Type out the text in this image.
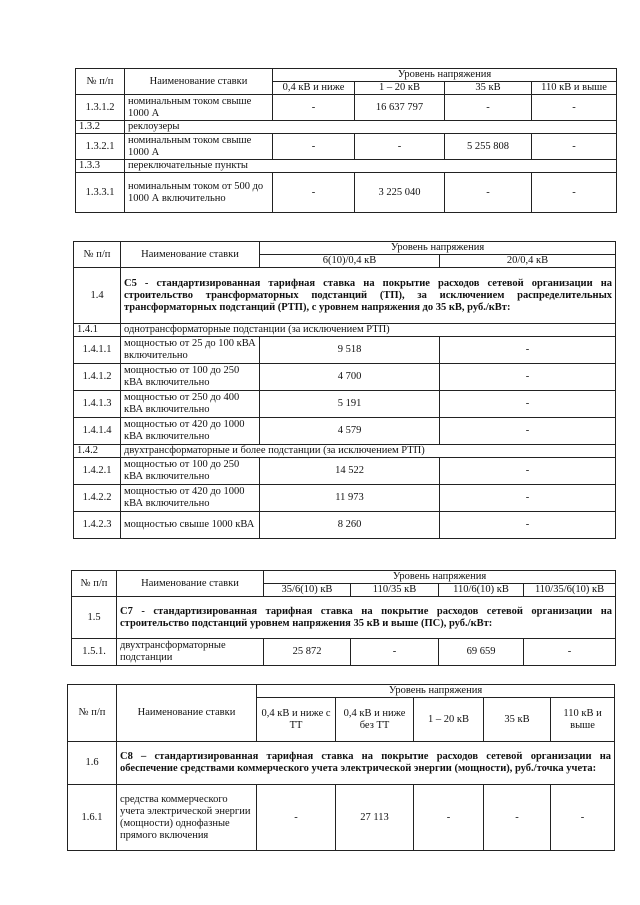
№ п/п	Наименование ставки	Уровень напряжения			
		0,4 кВ и ниже	1 – 20 кВ	35 кВ	110 кВ и выше
1.3.1.2	номинальным током свыше 1000 А	-	16 637 797	-	-
1.3.2	реклоузеры				
1.3.2.1	номинальным током свыше 1000 А	-	-	5 255 808	-
1.3.3	переключательные пункты				
1.3.3.1	номинальным током от 500 до 1000 А включительно	-	3 225 040	-	-
№ п/п	Наименование ставки	Уровень напряжения	
		6(10)/0,4 кВ	20/0,4 кВ
1.4	С5 - стандартизированная тарифная ставка на покрытие расходов сетевой организации на строительство трансформаторных подстанций (ТП), за исключением распределительных трансформаторных подстанций (РТП), с уровнем напряжения до 35 кВ, руб./кВт:		
1.4.1	однотрансформаторные подстанции (за исключением РТП)		
1.4.1.1	мощностью от 25 до 100 кВА включительно	9 518	-
1.4.1.2	мощностью от 100 до 250 кВА включительно	4 700	-
1.4.1.3	мощностью от 250 до 400 кВА включительно	5 191	-
1.4.1.4	мощностью от 420 до 1000 кВА включительно	4 579	-
1.4.2	двухтрансформаторные и более подстанции (за исключением РТП)		
1.4.2.1	мощностью от 100 до 250 кВА включительно	14 522	-
1.4.2.2	мощностью от 420 до 1000 кВА включительно	11 973	-
1.4.2.3	мощностью свыше 1000 кВА	8 260	-
№ п/п	Наименование ставки	Уровень напряжения			
		35/6(10) кВ	110/35 кВ	110/6(10) кВ	110/35/6(10) кВ
1.5	С7 - стандартизированная тарифная ставка на покрытие расходов сетевой организации на строительство подстанций уровнем напряжения 35 кВ и выше (ПС), руб./кВт:				
1.5.1.	двухтрансформаторные подстанции	25 872	-	69 659	-
№ п/п	Наименование ставки	Уровень напряжения				
		0,4 кВ и ниже с ТТ	0,4 кВ и ниже без ТТ	1 – 20 кВ	35 кВ	110 кВ и выше
1.6	С8 – стандартизированная тарифная ставка на покрытие расходов сетевой организации на обеспечение средствами коммерческого учета электрической энергии (мощности), руб./точка учета:					
1.6.1	средства коммерческого учета электрической энергии (мощности) однофазные прямого включения	-	27 113	-	-	-
